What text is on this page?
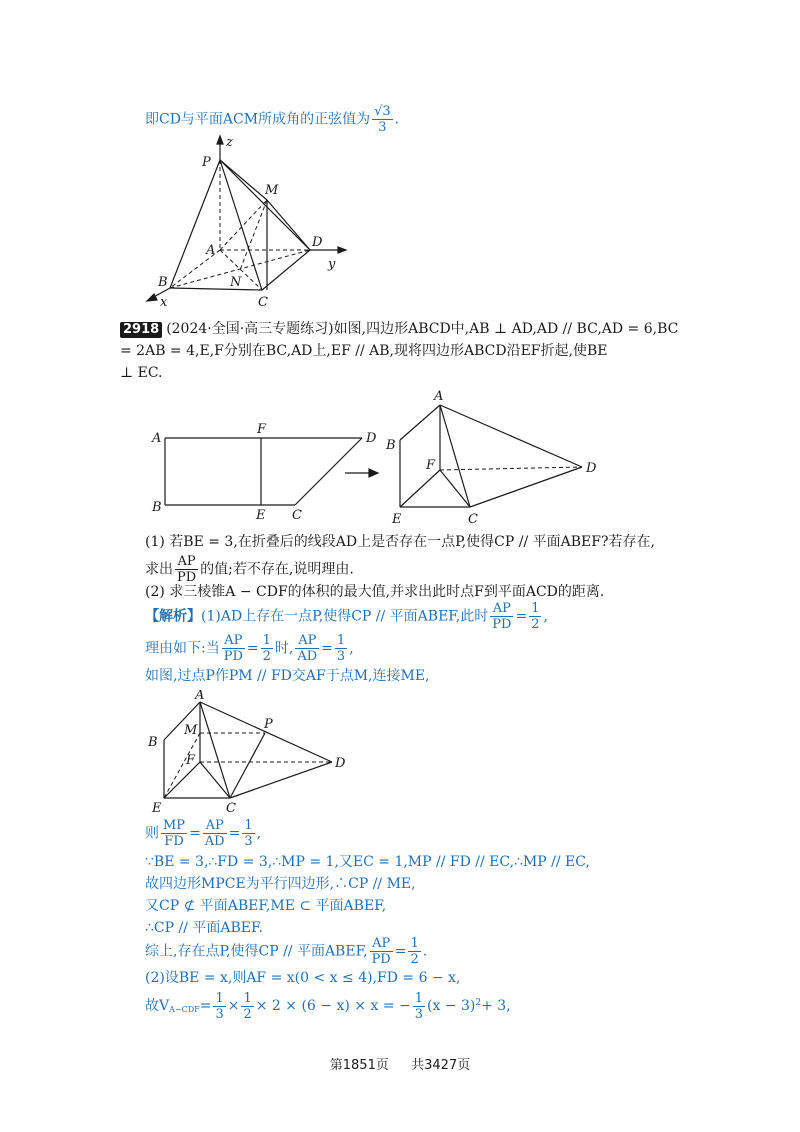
即CD与平面ACM所成角的正弦值为 $\frac{√3}{3}$ .
P
z
M
A
D
y
B	N
C
x
2918 (2024·全国·高三专题练习)如图,四边形ABCD中,AB ⊥ AD,AD // BC,AD = 6,BC
= 2AB = 4,E,F分别在BC,AD上,EF // AB,现将四边形ABCD沿EF折起,使BE
⊥ EC.
A
F
D
B
E C
A
B
F	D
E	C
(1) 若BE = 3,在折叠后的线段AD上是否存在一点P,使得CP // 平面ABEF?若存在,
求出 $\frac{AP}{PD}$ 的值;若不存在,说明理由.
(2) 求三棱锥A − CDF的体积的最大值,并求出此时点F到平面ACD的距离.
【解析】(1)AD上存在一点P,使得CP // 平面ABEF,此时 $\frac{AP}{PD} = \frac{1}{2}$ ,
理由如下:当 $\frac{AP}{PD} = \frac{1}{2}$ 时, $\frac{AP}{AD} = \frac{1}{3}$ ,
如图,过点P作PM // FD交AF于点M,连接ME,
A
P
M
B
F	D
E	C
则 $\frac{MP}{FD} = \frac{AP}{AD} = \frac{1}{3}$ ,
∵BE = 3,∴FD = 3,∴MP = 1,又EC = 1,MP // FD // EC,∴MP // EC,
故四边形MPCE为平行四边形,∴CP // ME,
又CP ⊄ 平面ABEF,ME ⊂ 平面ABEF,
∴CP // 平面ABEF.
综上,存在点P,使得CP // 平面ABEF, $\frac{AP}{PD} = \frac{1}{2}$ .
(2)设BE = x,则AF = x(0 < x ≤ 4),FD = 6 − x,
故$V_{A-CDF}= \frac{1}{3} \times \frac{1}{2} \times 2 \times (6 - x) \times x$ = − $\frac{1}{3} (x - 3)^2+ 3$,
第1851页 共3427页
